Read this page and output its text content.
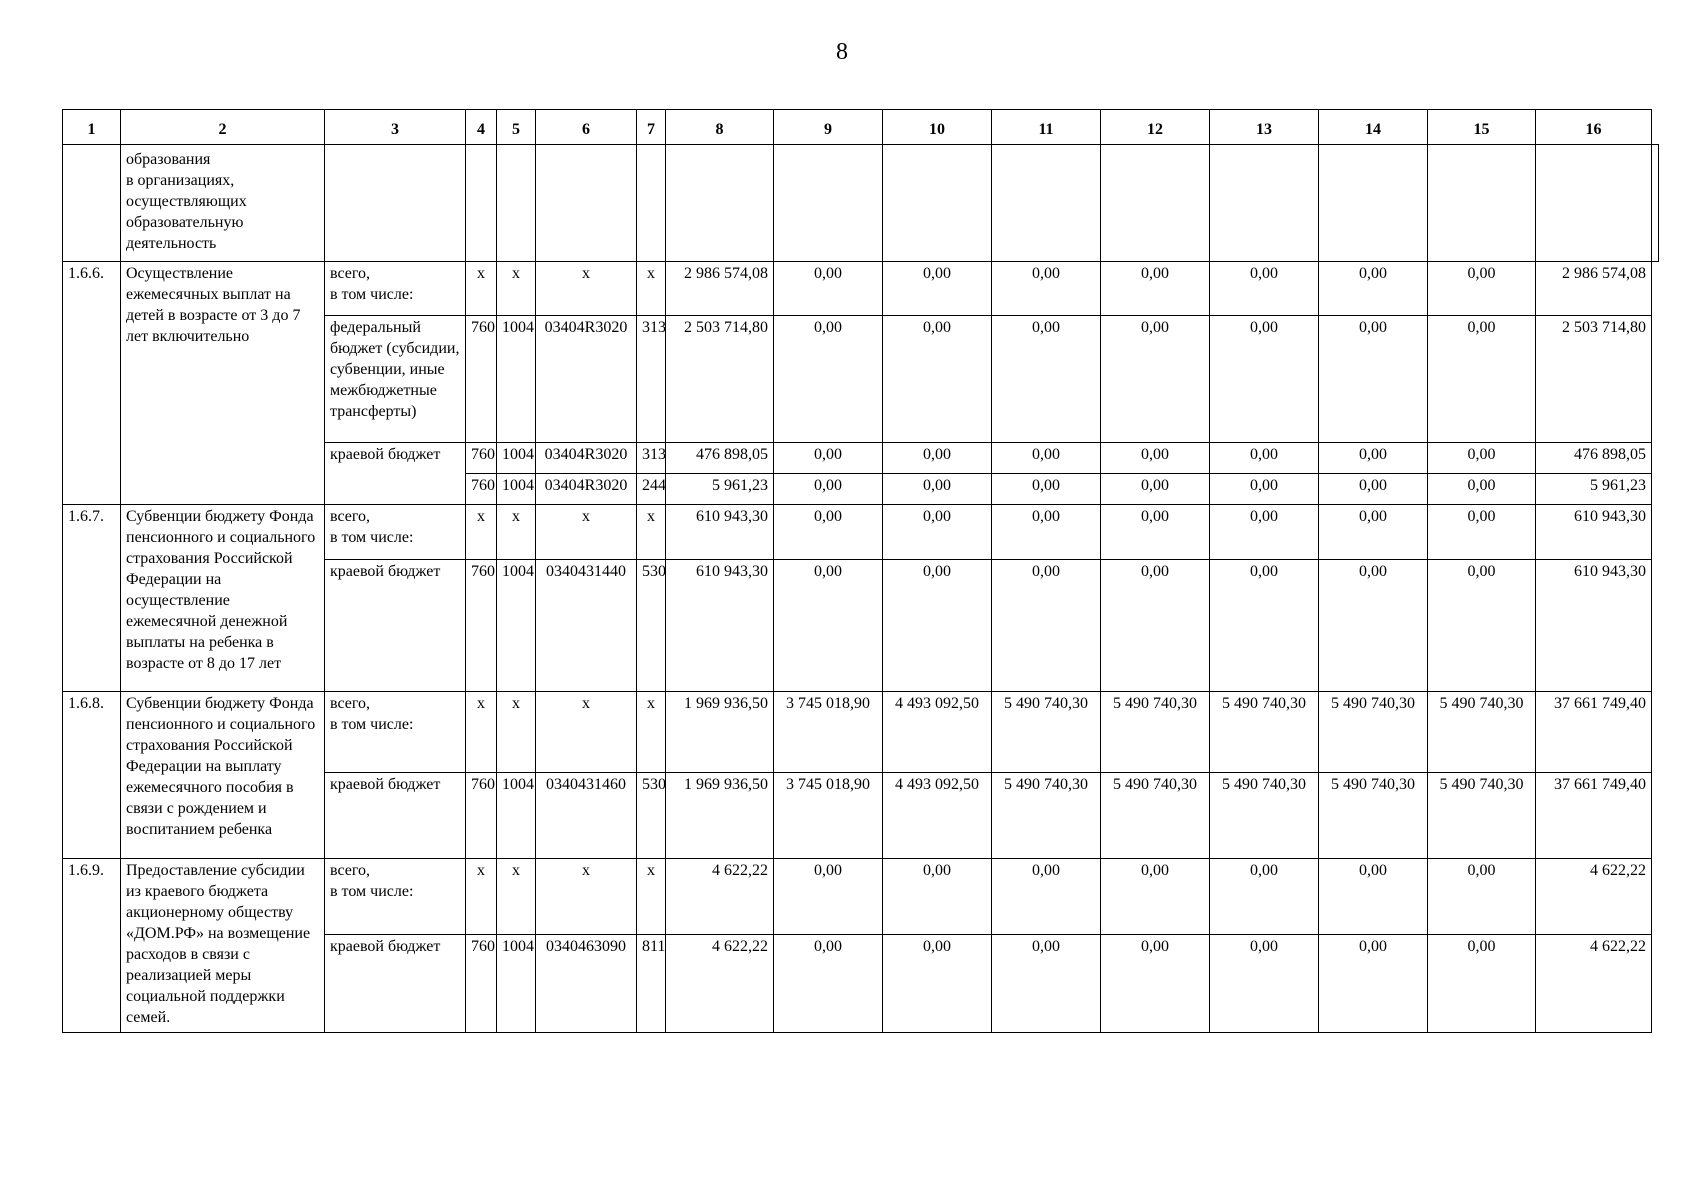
8
1	2	3	4	5	6	7	8	9	10	11	12	13	14	15	16	
	образования
в организациях,
осуществляющих
образовательную
деятельность															
1.6.6.	Осуществление ежемесячных выплат на детей в возрасте от 3 до 7 лет включительно	всего,
в том числе:	x	x	x	x	2 986 574,08	0,00	0,00	0,00	0,00	0,00	0,00	0,00	2 986 574,08	
		федеральный бюджет (субсидии, субвенции, иные межбюджетные трансферты)	760	1004	03404R3020	313	2 503 714,80	0,00	0,00	0,00	0,00	0,00	0,00	0,00	2 503 714,80	
		краевой бюджет	760	1004	03404R3020	313	476 898,05	0,00	0,00	0,00	0,00	0,00	0,00	0,00	476 898,05	
			760	1004	03404R3020	244	5 961,23	0,00	0,00	0,00	0,00	0,00	0,00	0,00	5 961,23	
1.6.7.	Субвенции бюджету Фонда пенсионного и социального страхования Российской Федерации на осуществление ежемесячной денежной выплаты на ребенка в возрасте от 8 до 17 лет	всего,
в том числе:	x	x	x	x	610 943,30	0,00	0,00	0,00	0,00	0,00	0,00	0,00	610 943,30	
		краевой бюджет	760	1004	0340431440	530	610 943,30	0,00	0,00	0,00	0,00	0,00	0,00	0,00	610 943,30	
1.6.8.	Субвенции бюджету Фонда пенсионного и социального страхования Российской Федерации на выплату ежемесячного пособия в связи с рождением и воспитанием ребенка	всего,
в том числе:	x	x	x	x	1 969 936,50	3 745 018,90	4 493 092,50	5 490 740,30	5 490 740,30	5 490 740,30	5 490 740,30	5 490 740,30	37 661 749,40	
		краевой бюджет	760	1004	0340431460	530	1 969 936,50	3 745 018,90	4 493 092,50	5 490 740,30	5 490 740,30	5 490 740,30	5 490 740,30	5 490 740,30	37 661 749,40	
1.6.9.	Предоставление субсидии из краевого бюджета акционерному обществу «ДОМ.РФ» на возмещение расходов в связи с реализацией меры социальной поддержки семей.	всего,
в том числе:	x	x	x	x	4 622,22	0,00	0,00	0,00	0,00	0,00	0,00	0,00	4 622,22	
		краевой бюджет	760	1004	0340463090	811	4 622,22	0,00	0,00	0,00	0,00	0,00	0,00	0,00	4 622,22	
